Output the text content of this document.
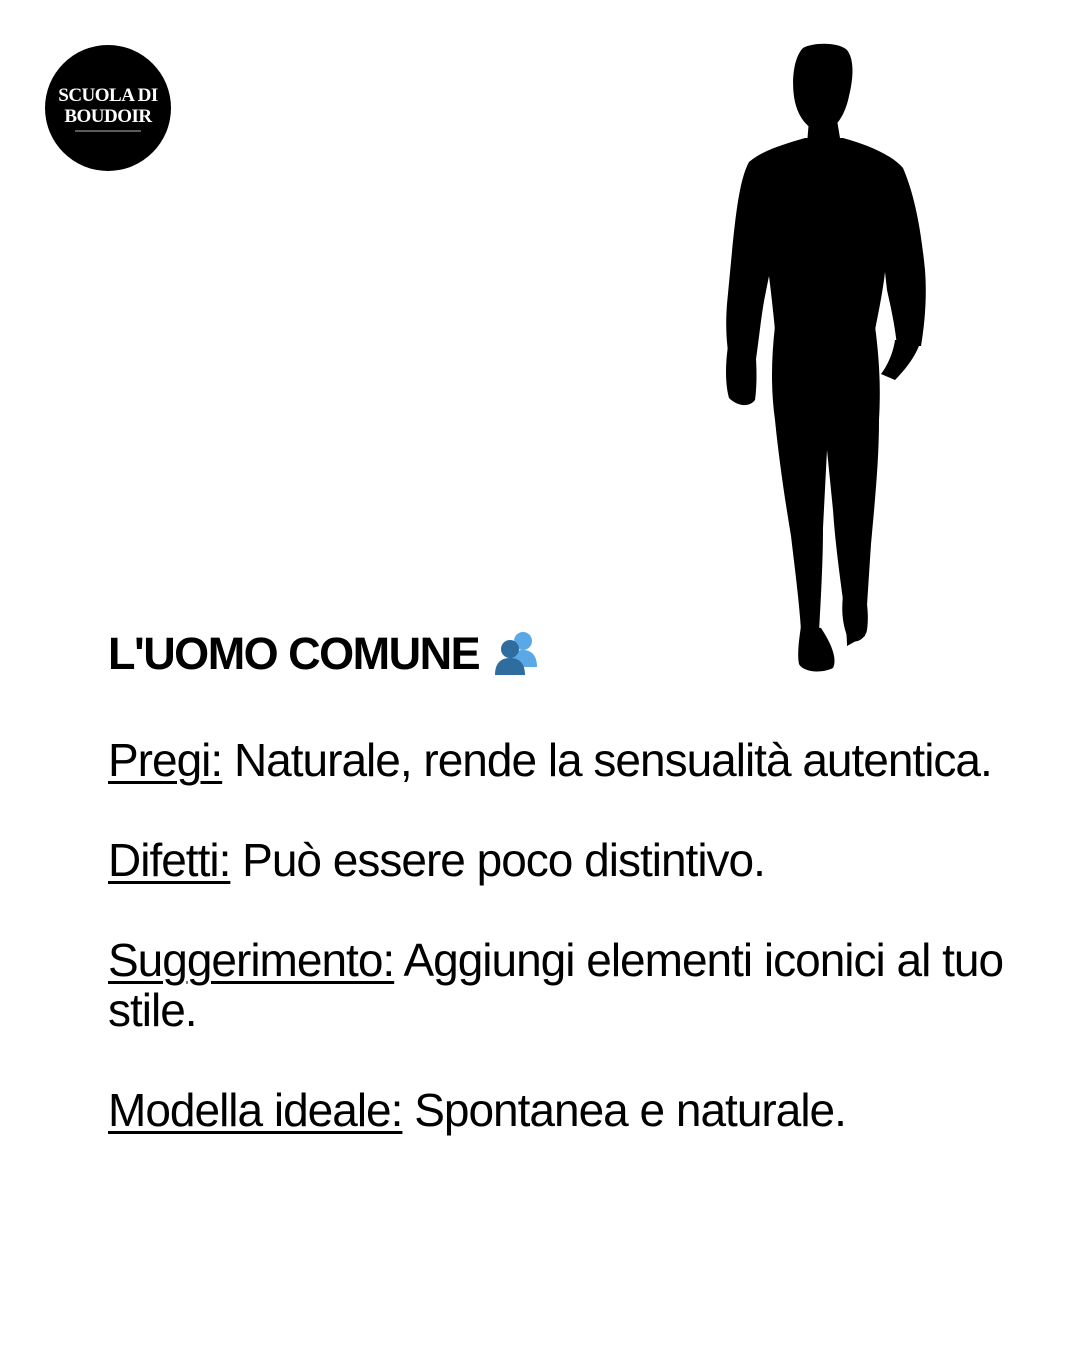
SCUOLA DI
BOUDOIR
L'UOMO COMUNE
Pregi: Naturale, rende la sensualità autentica.
Difetti: Può essere poco distintivo.
Suggerimento: Aggiungi elementi iconici al tuo stile.
Modella ideale: Spontanea e naturale.
